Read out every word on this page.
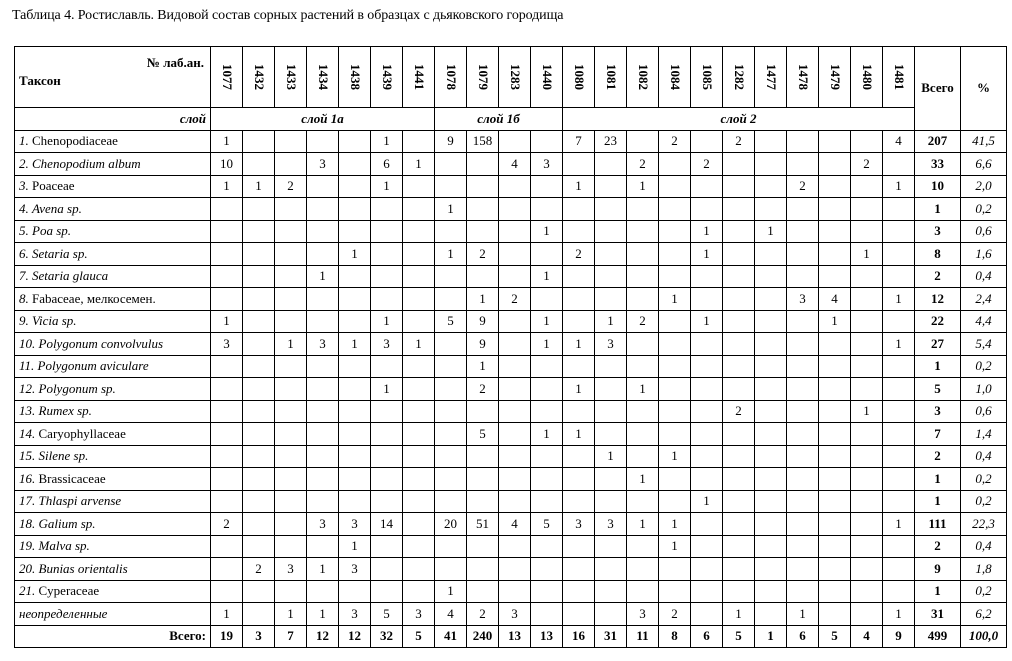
Таблица 4. Ростиславль. Видовой состав сорных растений в образцах с дьяковского городища
№ лаб.ан.
Таксон	1077	1432	1433	1434	1438	1439	1441	1078	1079	1283	1440	1080	1081	1082	1084	1085	1282	1477	1478	1479	1480	1481	Всего	%
слой	слой 1а							слой 1б				слой 2												
1. Chenopodiaceae	1					1		9	158			7	23		2		2					4	207	41,5
2. Chenopodium album	10			3		6	1			4	3			2		2					2		33	6,6
3. Poaceae	1	1	2			1						1		1					2			1	10	2,0
4. Avena sp.								1															1	0,2
5. Poa sp.											1					1		1					3	0,6
6. Setaria sp.					1			1	2			2				1					1		8	1,6
7. Setaria glauca				1							1												2	0,4
8. Fabaceae, мелкосемен.									1	2					1				3	4		1	12	2,4
9. Vicia sp.	1					1		5	9		1		1	2		1				1			22	4,4
10. Polygonum convolvulus	3		1	3	1	3	1		9		1	1	3									1	27	5,4
11. Polygonum aviculare									1														1	0,2
12. Polygonum sp.						1			2			1		1									5	1,0
13. Rumex sp.																	2				1		3	0,6
14. Caryophyllaceae									5		1	1											7	1,4
15. Silene sp.													1		1								2	0,4
16. Brassicaceae														1									1	0,2
17. Thlaspi arvense																1							1	0,2
18. Galium sp.	2			3	3	14		20	51	4	5	3	3	1	1							1	111	22,3
19. Malva sp.					1										1								2	0,4
20. Bunias orientalis		2	3	1	3																		9	1,8
21. Cyperaceae								1															1	0,2
неопределенные	1		1	1	3	5	3	4	2	3				3	2		1		1			1	31	6,2
Всего:	19	3	7	12	12	32	5	41	240	13	13	16	31	11	8	6	5	1	6	5	4	9	499	100,0
